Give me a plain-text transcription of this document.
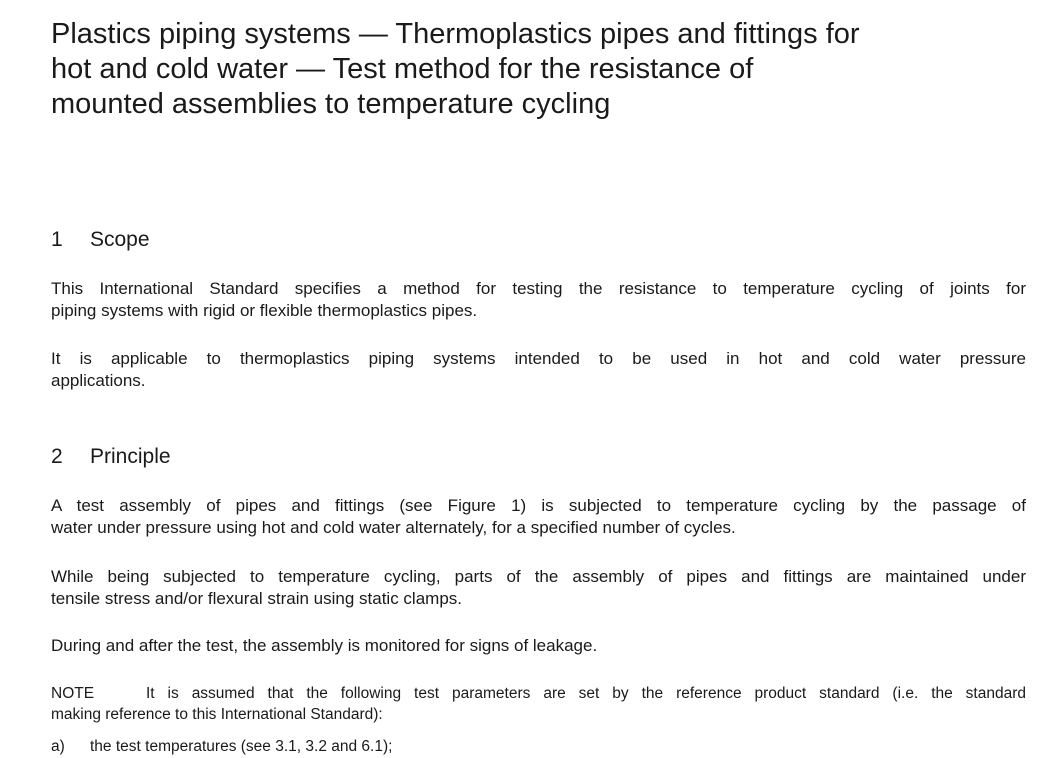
Plastics piping systems — Thermoplastics pipes and fittings for
hot and cold water — Test method for the resistance of
mounted assemblies to temperature cycling
1 Scope

This International Standard specifies a method for testing the resistance to temperature cycling of joints for
piping systems with rigid or flexible thermoplastics pipes.

It is applicable to thermoplastics piping systems intended to be used in hot and cold water pressure
applications.

2 Principle

A test assembly of pipes and fittings (see Figure 1) is subjected to temperature cycling by the passage of
water under pressure using hot and cold water alternately, for a specified number of cycles.

While being subjected to temperature cycling, parts of the assembly of pipes and fittings are maintained under
tensile stress and/or flexural strain using static clamps.

During and after the test, the assembly is monitored for signs of leakage.

NOTE	It is assumed that the following test parameters are set by the reference product standard (i.e. the standard
making reference to this International Standard):
a) the test temperatures (see 3.1, 3.2 and 6.1);
